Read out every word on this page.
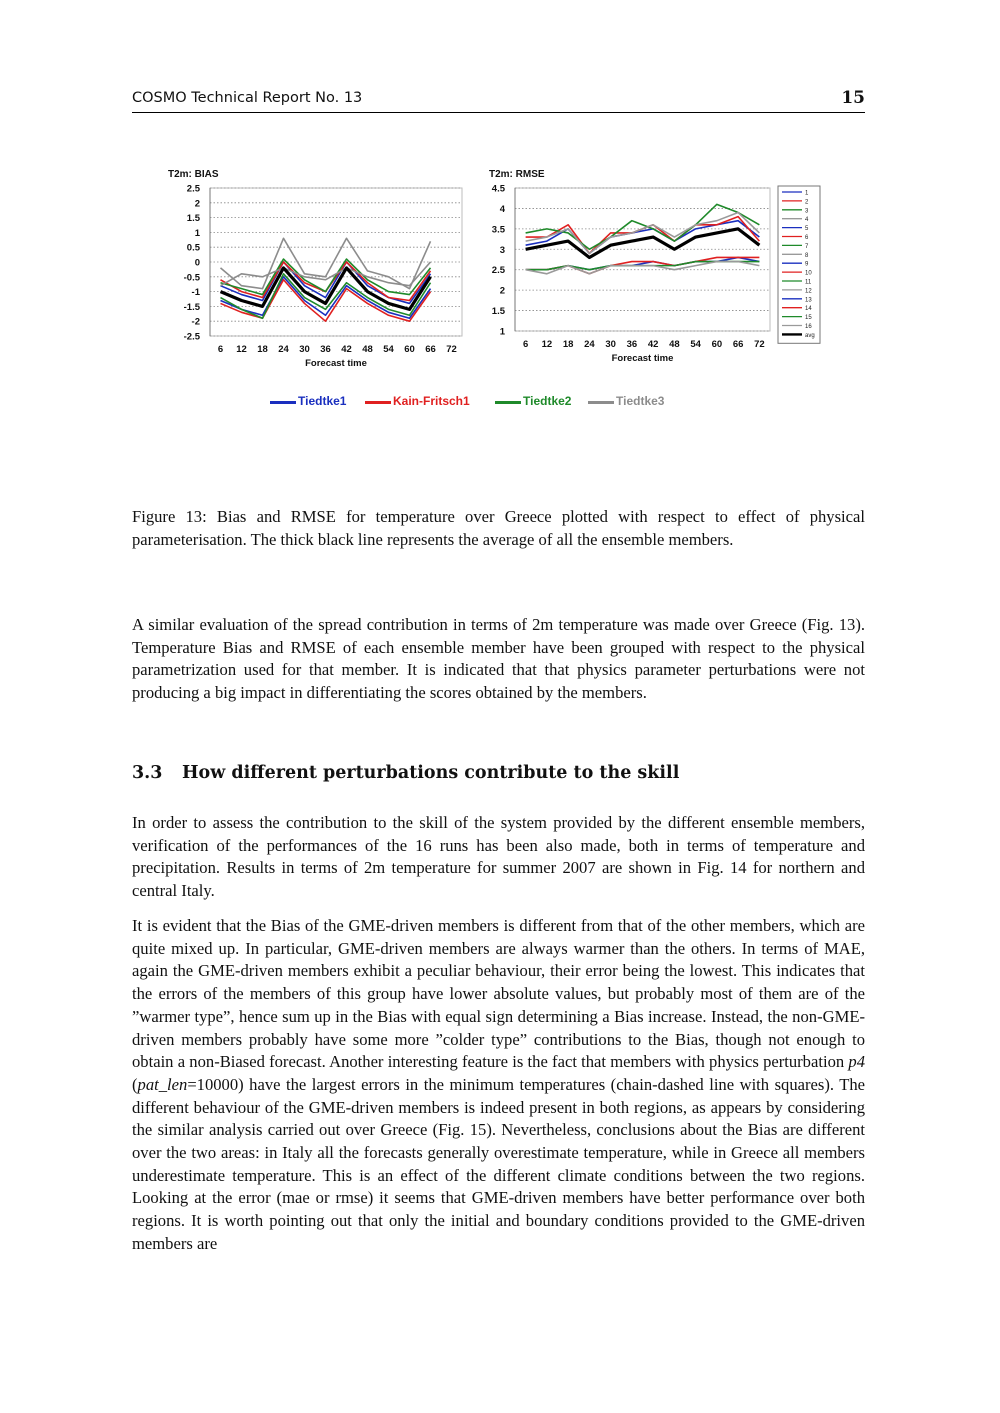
COSMO Technical Report No. 13	15
T2m: BIAS
2.5
2
1.5
1
0.5
0
-0.5
-1
-1.5
-2
-2.5
6 12 18 24 30 36 42 48 54 60 66 72
Forecast time
T2m: RMSE
4.5
4
3.5
3
2.5
2
1.5
1
6 12 18 24 30 36 42 48 54 60 66 72
Forecast time
1
2
3
4
5
6
7
8
9
10
11
12
13
14
15
16
avg
Tiedtke1	Kain-Fritsch1	Tiedtke2	Tiedtke3
Figure 13: Bias and RMSE for temperature over Greece plotted with respect to effect of physical parameterisation. The thick black line represents the average of all the ensemble members.
A similar evaluation of the spread contribution in terms of 2m temperature was made over Greece (Fig. 13). Temperature Bias and RMSE of each ensemble member have been grouped with respect to the physical parametrization used for that member. It is indicated that that physics parameter perturbations were not producing a big impact in differentiating the scores obtained by the members.
3.3 How different perturbations contribute to the skill
In order to assess the contribution to the skill of the system provided by the different ensemble members, verification of the performances of the 16 runs has been also made, both in terms of temperature and precipitation. Results in terms of 2m temperature for summer 2007 are shown in Fig. 14 for northern and central Italy.

It is evident that the Bias of the GME-driven members is different from that of the other members, which are quite mixed up. In particular, GME-driven members are always warmer than the others. In terms of MAE, again the GME-driven members exhibit a peculiar behaviour, their error being the lowest. This indicates that the errors of the members of this group have lower absolute values, but probably most of them are of the ”warmer type”, hence sum up in the Bias with equal sign determining a Bias increase. Instead, the non-GME-driven members probably have some more ”colder type” contributions to the Bias, though not enough to obtain a non-Biased forecast. Another interesting feature is the fact that members with physics perturbation p4 (pat_len=10000) have the largest errors in the minimum temperatures (chain-dashed line with squares). The different behaviour of the GME-driven members is indeed present in both regions, as appears by considering the similar analysis carried out over Greece (Fig. 15). Nevertheless, conclusions about the Bias are different over the two areas: in Italy all the forecasts generally overestimate temperature, while in Greece all members underestimate temperature. This is an effect of the different climate conditions between the two regions. Looking at the error (mae or rmse) it seems that GME-driven members have better performance over both regions. It is worth pointing out that only the initial and boundary conditions provided to the GME-driven members are
